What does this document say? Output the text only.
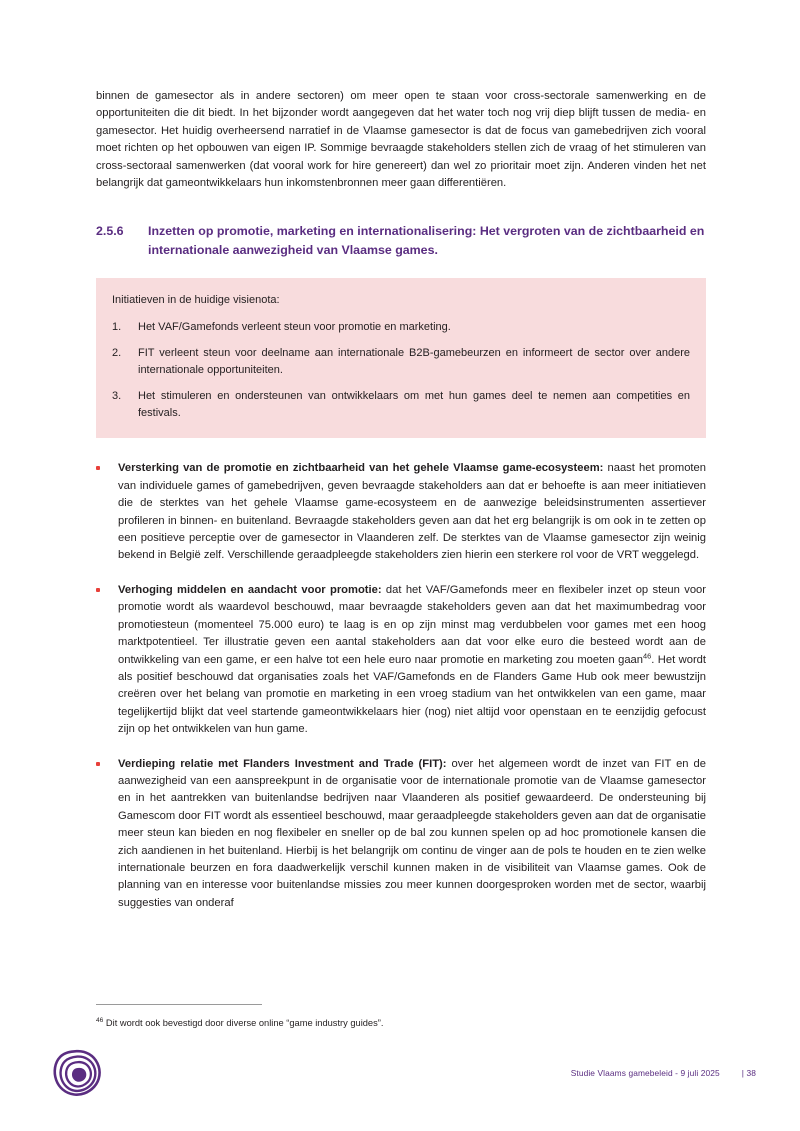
binnen de gamesector als in andere sectoren) om meer open te staan voor cross-sectorale samenwerking en de opportuniteiten die dit biedt. In het bijzonder wordt aangegeven dat het water toch nog vrij diep blijft tussen de media- en gamesector. Het huidig overheersend narratief in de Vlaamse gamesector is dat de focus van gamebedrijven zich vooral moet richten op het opbouwen van eigen IP. Sommige bevraagde stakeholders stellen zich de vraag of het stimuleren van cross-sectoraal samenwerken (dat vooral work for hire genereert) dan wel zo prioritair moet zijn. Anderen vinden het net belangrijk dat gameontwikkelaars hun inkomstenbronnen meer gaan differentiëren.

2.5.6	Inzetten op promotie, marketing en internationalisering: Het vergroten van de zichtbaarheid en internationale aanwezigheid van Vlaamse games.

Initiatieven in de huidige visienota:

1.	Het VAF/Gamefonds verleent steun voor promotie en marketing.
2.	FIT verleent steun voor deelname aan internationale B2B-gamebeurzen en informeert de sector over andere internationale opportuniteiten.
3.	Het stimuleren en ondersteunen van ontwikkelaars om met hun games deel te nemen aan competities en festivals.
Versterking van de promotie en zichtbaarheid van het gehele Vlaamse game-ecosysteem: naast het promoten van individuele games of gamebedrijven, geven bevraagde stakeholders aan dat er behoefte is aan meer initiatieven die de sterktes van het gehele Vlaamse game-ecosysteem en de aanwezige beleidsinstrumenten assertiever profileren in binnen- en buitenland. Bevraagde stakeholders geven aan dat het erg belangrijk is om ook in te zetten op een positieve perceptie over de gamesector in Vlaanderen zelf. De sterktes van de Vlaamse gamesector zijn weinig bekend in België zelf. Verschillende geraadpleegde stakeholders zien hierin een sterkere rol voor de VRT weggelegd.
Verhoging middelen en aandacht voor promotie: dat het VAF/Gamefonds meer en flexibeler inzet op steun voor promotie wordt als waardevol beschouwd, maar bevraagde stakeholders geven aan dat het maximumbedrag voor promotiesteun (momenteel 75.000 euro) te laag is en op zijn minst mag verdubbelen voor games met een hoog marktpotentieel. Ter illustratie geven een aantal stakeholders aan dat voor elke euro die besteed wordt aan de ontwikkeling van een game, er een halve tot een hele euro naar promotie en marketing zou moeten gaan$^{46}$. Het wordt als positief beschouwd dat organisaties zoals het VAF/Gamefonds en de Flanders Game Hub ook meer bewustzijn creëren over het belang van promotie en marketing in een vroeg stadium van het ontwikkelen van een game, maar tegelijkertijd blijkt dat veel startende gameontwikkelaars hier (nog) niet altijd voor openstaan en te eenzijdig gefocust zijn op het ontwikkelen van hun game.
Verdieping relatie met Flanders Investment and Trade (FIT): over het algemeen wordt de inzet van FIT en de aanwezigheid van een aanspreekpunt in de organisatie voor de internationale promotie van de Vlaamse gamesector en in het aantrekken van buitenlandse bedrijven naar Vlaanderen als positief gewaardeerd. De ondersteuning bij Gamescom door FIT wordt als essentieel beschouwd, maar geraadpleegde stakeholders geven aan dat de organisatie meer steun kan bieden en nog flexibeler en sneller op de bal zou kunnen spelen op ad hoc promotionele kansen die zich aandienen in het buitenland. Hierbij is het belangrijk om continu de vinger aan de pols te houden en te zien welke internationale beurzen en fora daadwerkelijk verschil kunnen maken in de visibiliteit van Vlaamse games. Ook de planning van en interesse voor buitenlandse missies zou meer kunnen doorgesproken worden met de sector, waarbij suggesties van onderaf

$^{46}$ Dit wordt ook bevestigd door diverse online “game industry guides”.

Studie Vlaams gamebeleid - 9 juli 2025	| 38
